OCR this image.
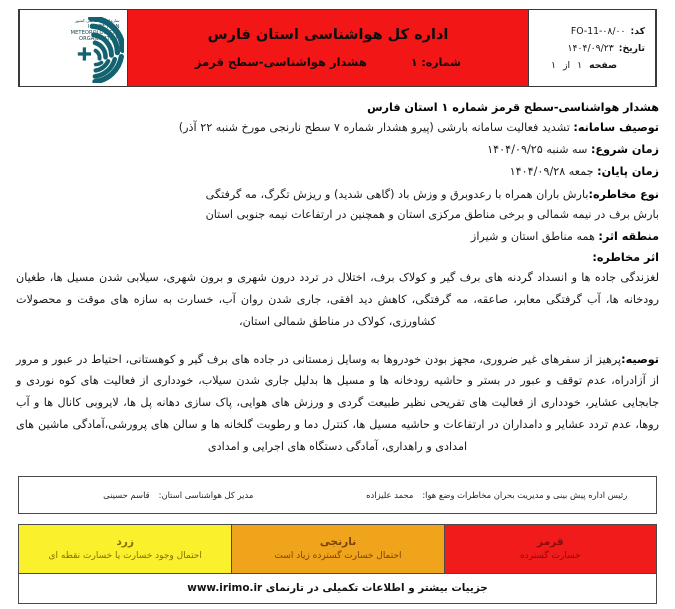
کد:
FO-11-۰۸/۰۰
تاریخ:
۱۴۰۴/۰۹/۲۳
صفحه
۱
از
۱
اداره کل هواشناسی استان فارس
شماره: ۱
هشدار هواشناسی-سطح قرمز
سازمان هواشناسی کشور
I.R. OF IRAN
METEOROLOGICAL
ORGANIZATION

هشدار هواشناسی-سطح قرمز شماره ۱ استان فارس

توصیف سامانه: تشدید فعالیت سامانه بارشی (پیرو هشدار شماره ۷ سطح نارنجی مورخ شنبه ۲۲ آذر)

زمان شروع: سه شنبه ۱۴۰۴/۰۹/۲۵

زمان پایان: جمعه ۱۴۰۴/۰۹/۲۸

نوع مخاطره:بارش باران همراه با رعدوبرق و وزش باد (گاهی شدید) و ریزش تگرگ، مه گرفتگی

بارش برف در نیمه شمالی و برخی مناطق مرکزی استان و همچنین در ارتفاعات نیمه جنوبی استان

منطقه اثر: همه مناطق استان و شیراز

اثر مخاطره:

لغزندگی جاده ها و انسداد گردنه های برف گیر و کولاک برف، اختلال در تردد درون شهری و برون شهری، سیلابی شدن مسیل ها، طغیان رودخانه ها، آب گرفتگی معابر، صاعقه، مه گرفتگی، کاهش دید افقی، جاری شدن روان آب، خسارت به سازه های موقت و محصولات کشاورزی، کولاک در مناطق شمالی استان،

توصیه:پرهیز از سفرهای غیر ضروری، مجهز بودن خودروها به وسایل زمستانی در جاده های برف گیر و کوهستانی، احتیاط در عبور و مرور از آزادراه، عدم توقف و عبور در بستر و حاشیه رودخانه ها و مسیل ها بدلیل جاری شدن سیلاب، خودداری از فعالیت های کوه نوردی و جابجایی عشایر، خودداری از فعالیت های تفریحی نظیر طبیعت گردی و ورزش های هوایی، پاک سازی دهانه پل ها، لایروبی کانال ها و آب روها، عدم تردد عشایر و دامداران در ارتفاعات و حاشیه مسیل ها، کنترل دما و رطوبت گلخانه ها و سالن های پرورشی،آمادگی ماشین های امدادی و راهداری، آمادگی دستگاه های اجرایی و امدادی

رئیس اداره پیش بینی و مدیریت بحران مخاطرات وضع هوا:محمد علیزاده
مدیر کل هواشناسی استان:قاسم حسینی
قرمز
خسارت گسترده
نارنجی
احتمال خسارت گسترده زیاد است
زرد
احتمال وجود خسارت یا خسارت نقطه ای
جزییات بیشتر و اطلاعات تکمیلی در تارنمای www.irimo.ir
